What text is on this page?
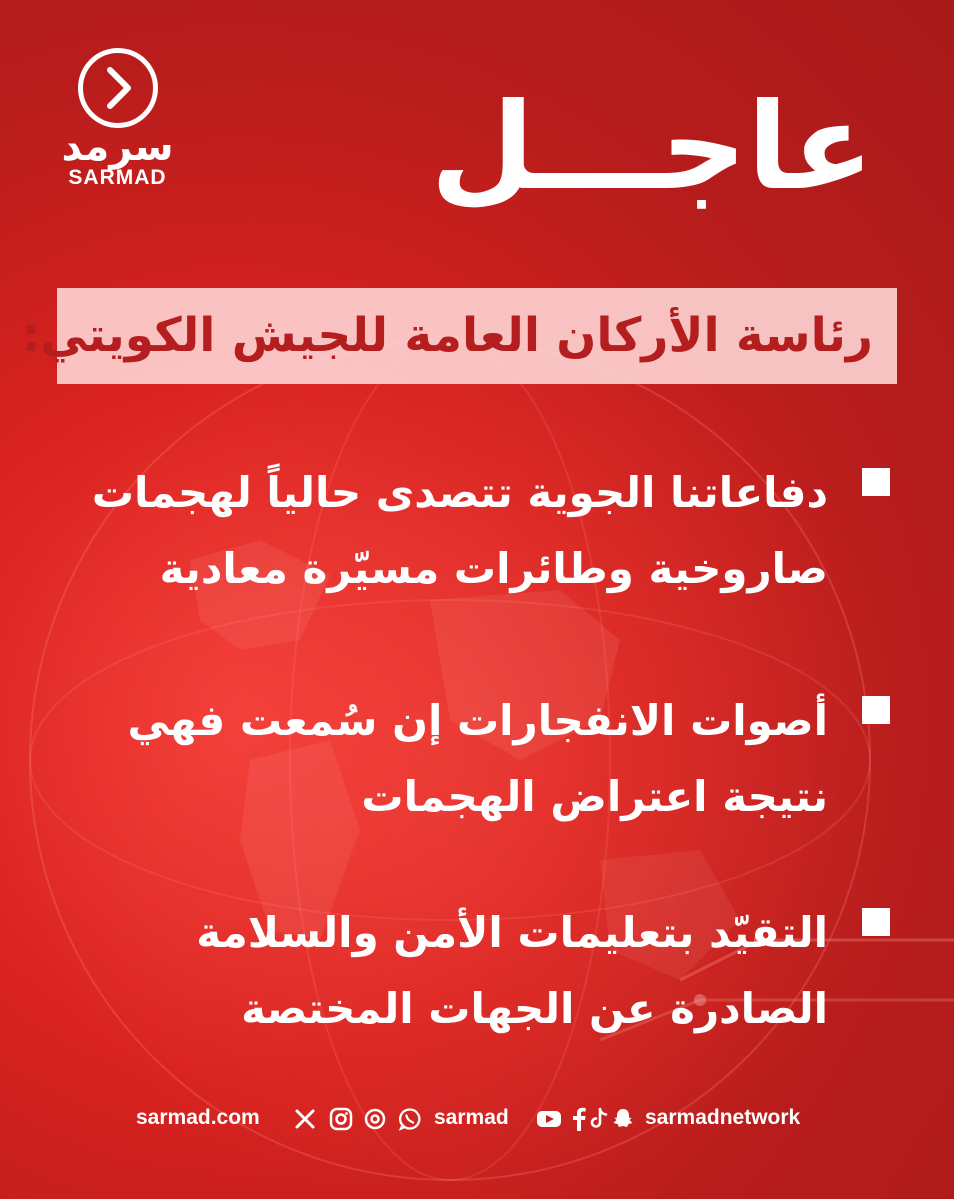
سرمد
SARMAD عاجـــل
رئاسة الأركان العامة للجيش الكويتي:
دفاعاتنا الجوية تتصدى حالياً لهجمات صاروخية وطائرات مسيّرة معادية
أصوات الانفجارات إن سُمعت فهي نتيجة اعتراض الهجمات
التقيّد بتعليمات الأمن والسلامة الصادرة عن الجهات المختصة
sarmad.com	sarmad	sarmadnetwork
